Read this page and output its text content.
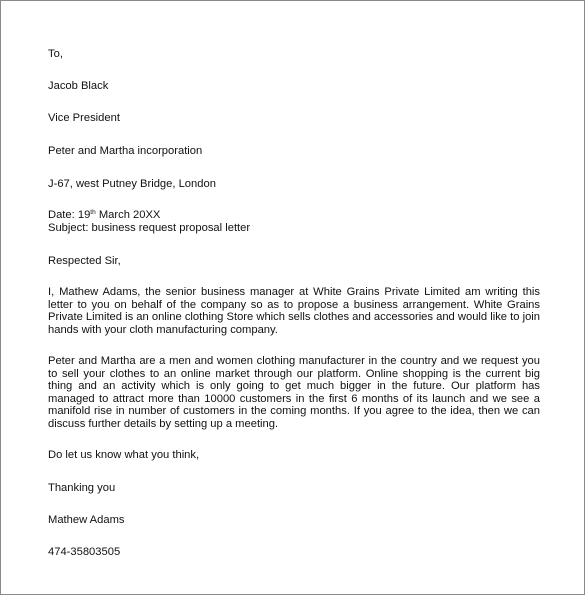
To,
Jacob Black
Vice President
Peter and Martha incorporation
J-67, west Putney Bridge, London
Date: 19th March 20XX
Subject: business request proposal letter
Respected Sir,
I, Mathew Adams, the senior business manager at White Grains Private Limited am writing this letter to you on behalf of the company so as to propose a business arrangement. White Grains Private Limited is an online clothing Store which sells clothes and accessories and would like to join hands with your cloth manufacturing company.
Peter and Martha are a men and women clothing manufacturer in the country and we request you to sell your clothes to an online market through our platform. Online shopping is the current big thing and an activity which is only going to get much bigger in the future. Our platform has managed to attract more than 10000 customers in the first 6 months of its launch and we see a manifold rise in number of customers in the coming months. If you agree to the idea, then we can discuss further details by setting up a meeting.
Do let us know what you think,
Thanking you
Mathew Adams
474-35803505
